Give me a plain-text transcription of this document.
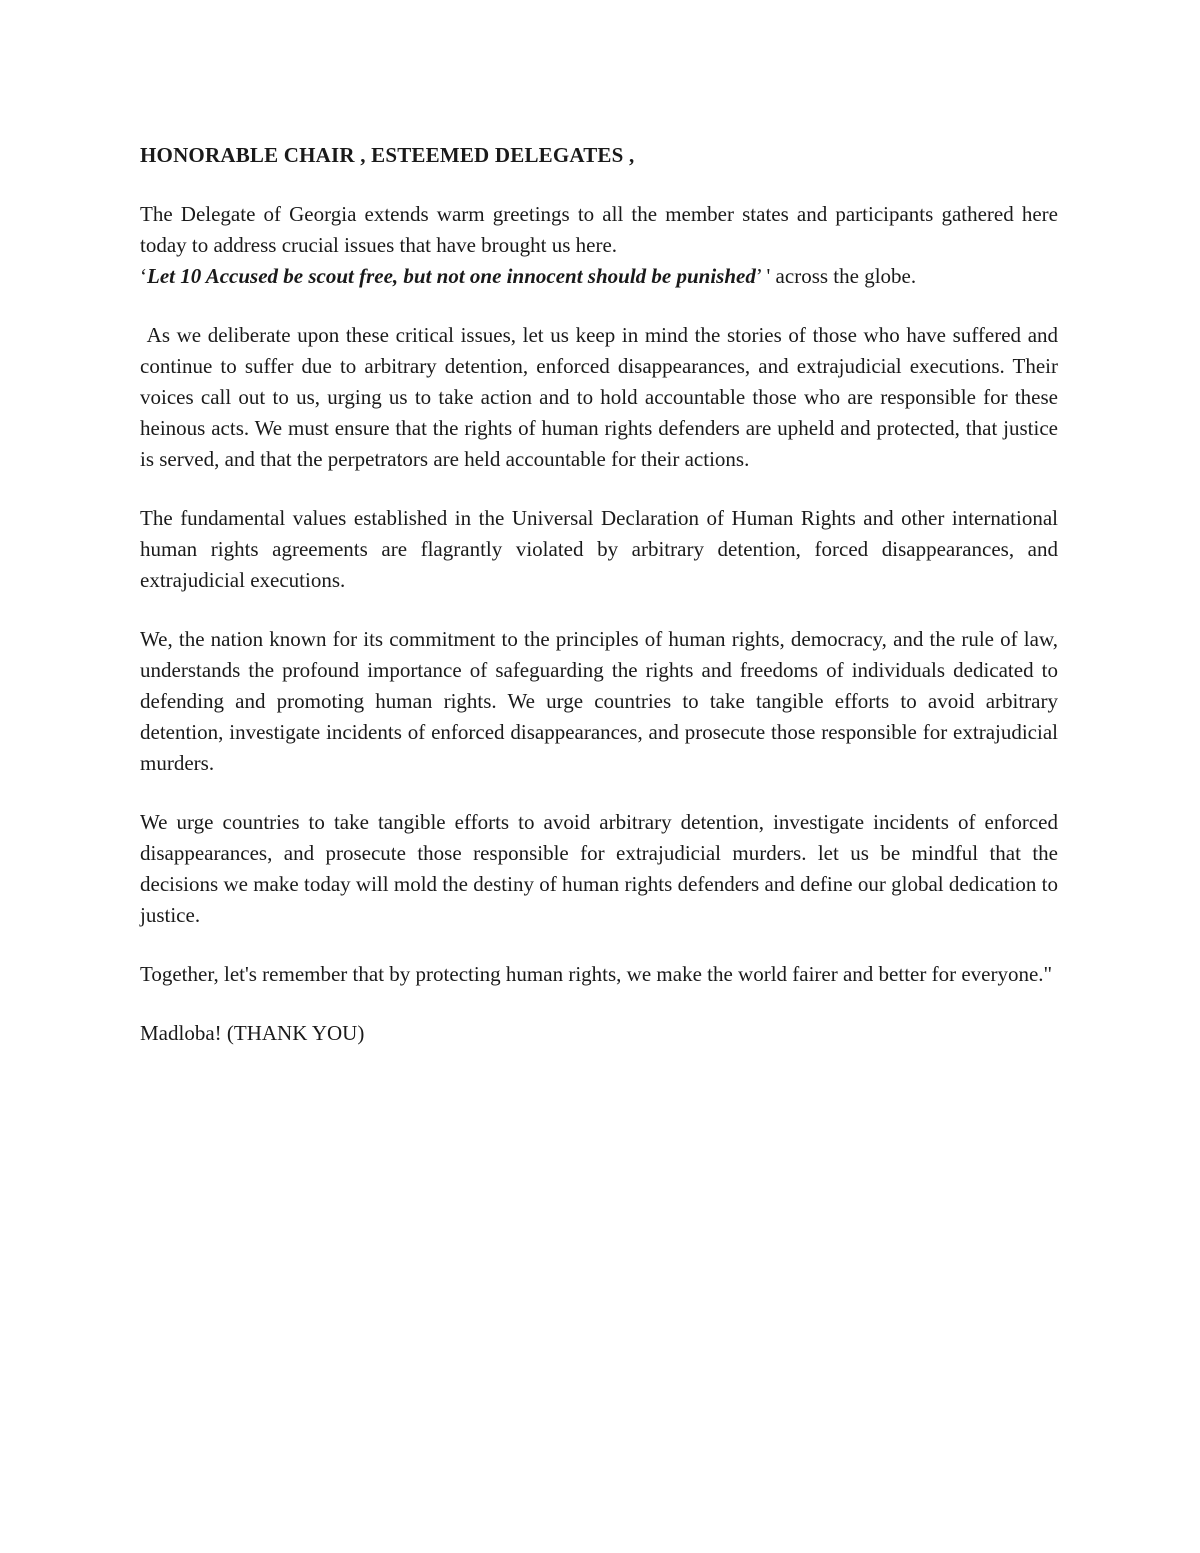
HONORABLE CHAIR , ESTEEMED DELEGATES ,

The Delegate of Georgia extends warm greetings to all the member states and participants gathered here today to address crucial issues that have brought us here.

‘Let 10 Accused be scout free, but not one innocent should be punished’ ' across the globe.

As we deliberate upon these critical issues, let us keep in mind the stories of those who have suffered and continue to suffer due to arbitrary detention, enforced disappearances, and extrajudicial executions. Their voices call out to us, urging us to take action and to hold accountable those who are responsible for these heinous acts. We must ensure that the rights of human rights defenders are upheld and protected, that justice is served, and that the perpetrators are held accountable for their actions.

The fundamental values established in the Universal Declaration of Human Rights and other international human rights agreements are flagrantly violated by arbitrary detention, forced disappearances, and extrajudicial executions.

We, the nation known for its commitment to the principles of human rights, democracy, and the rule of law, understands the profound importance of safeguarding the rights and freedoms of individuals dedicated to defending and promoting human rights. We urge countries to take tangible efforts to avoid arbitrary detention, investigate incidents of enforced disappearances, and prosecute those responsible for extrajudicial murders.

We urge countries to take tangible efforts to avoid arbitrary detention, investigate incidents of enforced disappearances, and prosecute those responsible for extrajudicial murders. let us be mindful that the decisions we make today will mold the destiny of human rights defenders and define our global dedication to justice.

Together, let's remember that by protecting human rights, we make the world fairer and better for everyone."

Madloba! (THANK YOU)
